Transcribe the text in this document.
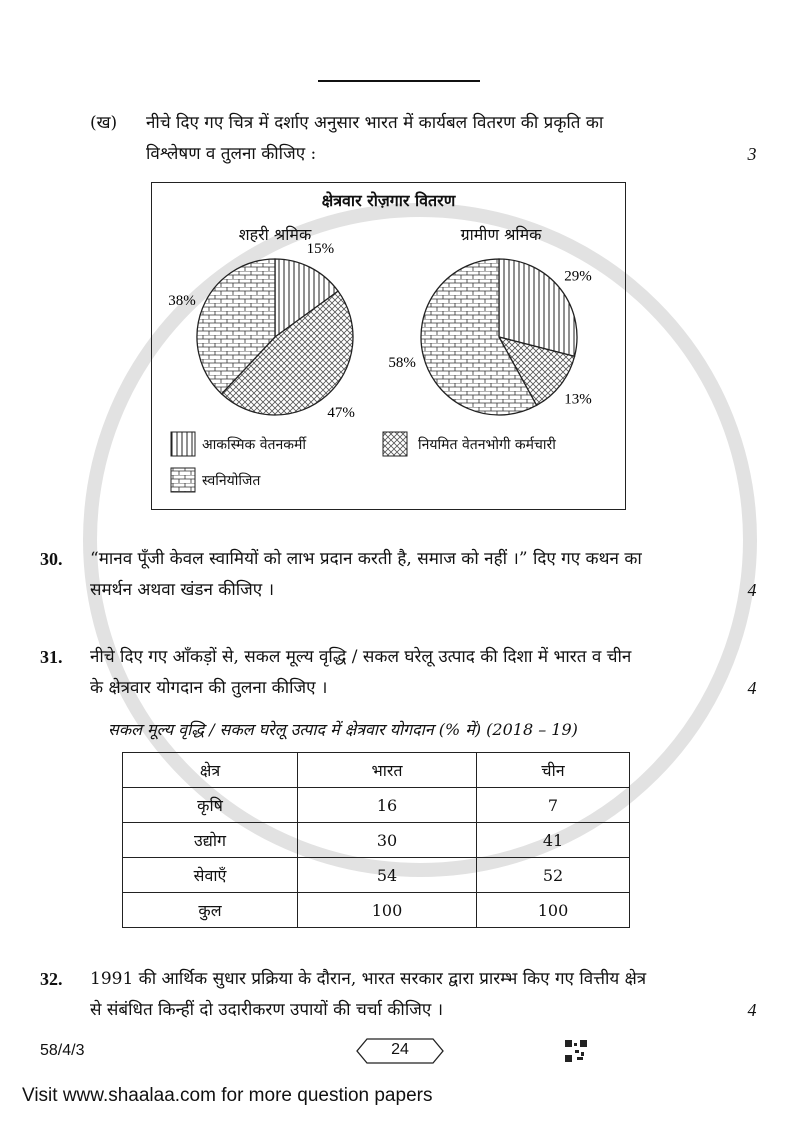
(ख)	नीचे दिए गए चित्र में दर्शाए अनुसार भारत में कार्यबल वितरण की प्रकृति का
विश्लेषण व तुलना कीजिए :	3
15%
47%
38%
29%
13%
58%
क्षेत्रवार रोज़गार वितरण
शहरी श्रमिक	ग्रामीण श्रमिक
आकस्मिक वेतनकर्मी	नियमित वेतनभोगी कर्मचारी
स्वनियोजित
30.	“मानव पूँजी केवल स्वामियों को लाभ प्रदान करती है, समाज को नहीं ।” दिए गए कथन का
समर्थन अथवा खंडन कीजिए ।	4
31.	नीचे दिए गए आँकड़ों से, सकल मूल्य वृद्धि / सकल घरेलू उत्पाद की दिशा में भारत व चीन
के क्षेत्रवार योगदान की तुलना कीजिए ।	4
सकल मूल्य वृद्धि / सकल घरेलू उत्पाद में क्षेत्रवार योगदान (% में) (2018 – 19)
क्षेत्र	भारत	चीन
कृषि	16	7
उद्योग	30	41
सेवाएँ	54	52
कुल	100	100
32.	1991 की आर्थिक सुधार प्रक्रिया के दौरान, भारत सरकार द्वारा प्रारम्भ किए गए वित्तीय क्षेत्र
से संबंधित किन्हीं दो उदारीकरण उपायों की चर्चा कीजिए ।	4
58/4/3	24
Visit www.shaalaa.com for more question papers
